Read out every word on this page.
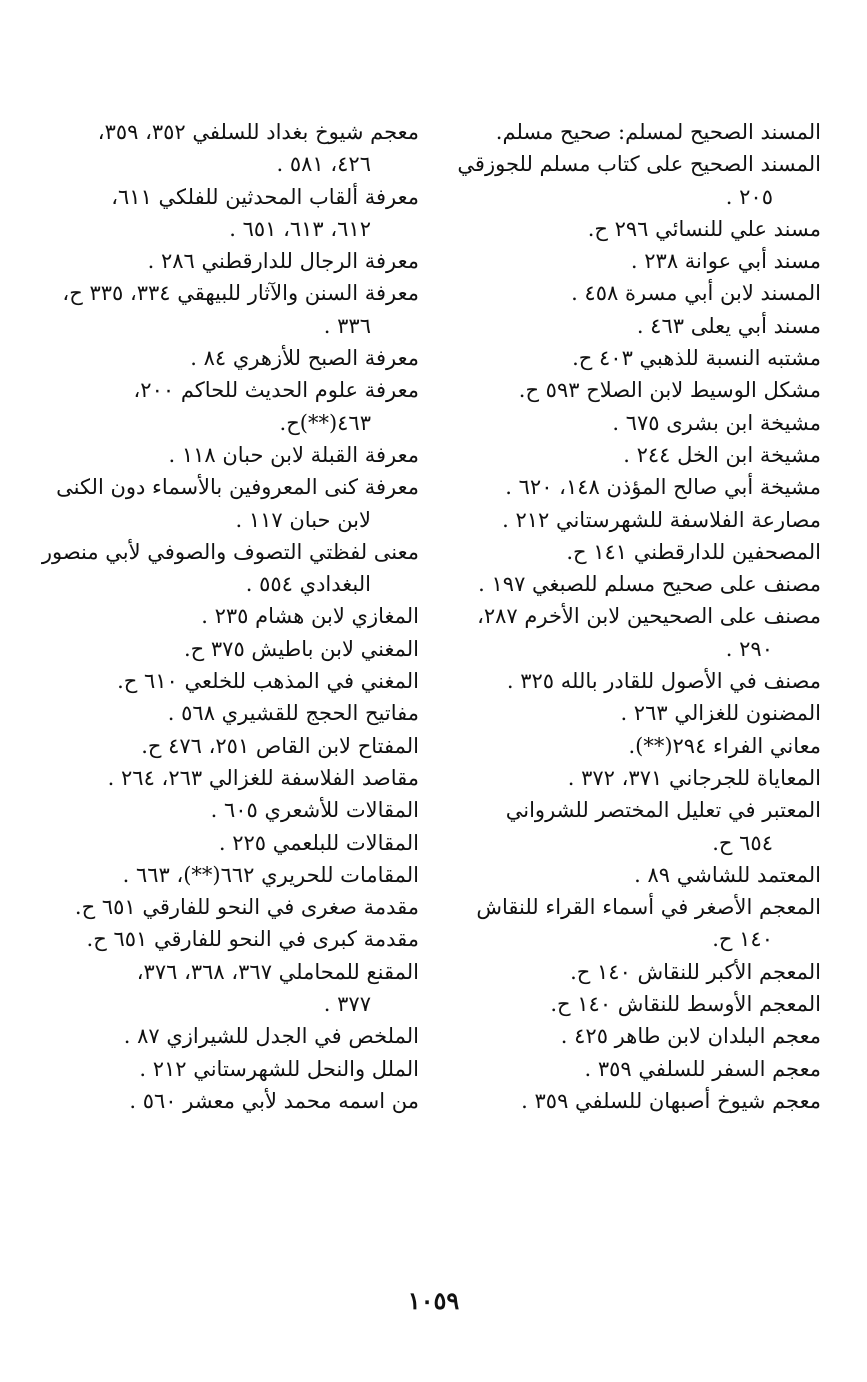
المسند الصحيح لمسلم: صحيح مسلم.
المسند الصحيح على كتاب مسلم للجوزقي
٢٠٥ .
مسند علي للنسائي ٢٩٦ ح.
مسند أبي عوانة ٢٣٨ .
المسند لابن أبي مسرة ٤٥٨ .
مسند أبي يعلى ٤٦٣ .
مشتبه النسبة للذهبي ٤٠٣ ح.
مشكل الوسيط لابن الصلاح ٥٩٣ ح.
مشيخة ابن بشرى ٦٧٥ .
مشيخة ابن الخل ٢٤٤ .
مشيخة أبي صالح المؤذن ١٤٨، ٦٢٠ .
مصارعة الفلاسفة للشهرستاني ٢١٢ .
المصحفين للدارقطني ١٤١ ح.
مصنف على صحيح مسلم للصبغي ١٩٧ .
مصنف على الصحيحين لابن الأخرم ٢٨٧،
٢٩٠ .
مصنف في الأصول للقادر بالله ٣٢٥ .
المضنون للغزالي ٢٦٣ .
معاني الفراء ٢٩٤(**).
المعاياة للجرجاني ٣٧١، ٣٧٢ .
المعتبر في تعليل المختصر للشرواني
٦٥٤ ح.
المعتمد للشاشي ٨٩ .
المعجم الأصغر في أسماء القراء للنقاش
١٤٠ ح.
المعجم الأكبر للنقاش ١٤٠ ح.
المعجم الأوسط للنقاش ١٤٠ ح.
معجم البلدان لابن طاهر ٤٢٥ .
معجم السفر للسلفي ٣٥٩ .
معجم شيوخ أصبهان للسلفي ٣٥٩ .
معجم شيوخ بغداد للسلفي ٣٥٢، ٣٥٩،
٤٢٦، ٥٨١ .
معرفة ألقاب المحدثين للفلكي ٦١١،
٦١٢، ٦١٣، ٦٥١ .
معرفة الرجال للدارقطني ٢٨٦ .
معرفة السنن والآثار للبيهقي ٣٣٤، ٣٣٥ ح،
٣٣٦ .
معرفة الصبح للأزهري ٨٤ .
معرفة علوم الحديث للحاكم ٢٠٠،
٤٦٣(**)ح.
معرفة القبلة لابن حبان ١١٨ .
معرفة كنى المعروفين بالأسماء دون الكنى
لابن حبان ١١٧ .
معنى لفظتي التصوف والصوفي لأبي منصور
البغدادي ٥٥٤ .
المغازي لابن هشام ٢٣٥ .
المغني لابن باطيش ٣٧٥ ح.
المغني في المذهب للخلعي ٦١٠ ح.
مفاتيح الحجج للقشيري ٥٦٨ .
المفتاح لابن القاص ٢٥١، ٤٧٦ ح.
مقاصد الفلاسفة للغزالي ٢٦٣، ٢٦٤ .
المقالات للأشعري ٦٠٥ .
المقالات للبلعمي ٢٢٥ .
المقامات للحريري ٦٦٢(**)، ٦٦٣ .
مقدمة صغرى في النحو للفارقي ٦٥١ ح.
مقدمة كبرى في النحو للفارقي ٦٥١ ح.
المقنع للمحاملي ٣٦٧، ٣٦٨، ٣٧٦،
٣٧٧ .
الملخص في الجدل للشيرازي ٨٧ .
الملل والنحل للشهرستاني ٢١٢ .
من اسمه محمد لأبي معشر ٥٦٠ .
١٠٥٩
